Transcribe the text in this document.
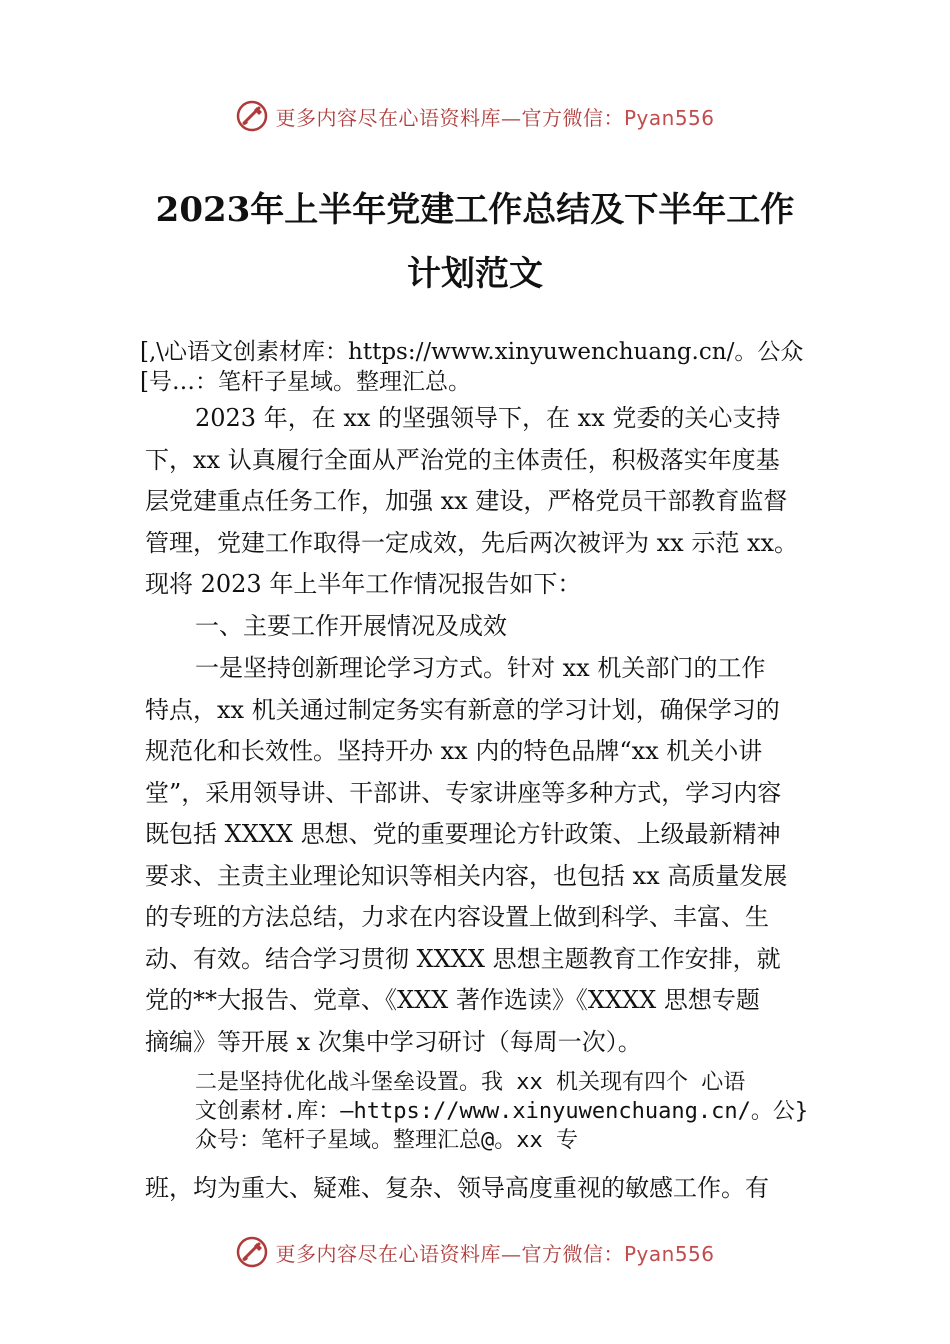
更多内容尽在心语资料库—官方微信：Pyan556
2023年上半年党建工作总结及下半年工作
计划范文
[,\心语文创素材库：https://www.xinyuwenchuang.cn/。公众
[号…：笔杆子星域。整理汇总。
2023 年，在 xx 的坚强领导下，在 xx 党委的关心支持
下，xx 认真履行全面从严治党的主体责任，积极落实年度基
层党建重点任务工作，加强 xx 建设，严格党员干部教育监督
管理，党建工作取得一定成效，先后两次被评为 xx 示范 xx。
现将 2023 年上半年工作情况报告如下：
一、主要工作开展情况及成效
一是坚持创新理论学习方式。针对 xx 机关部门的工作
特点，xx 机关通过制定务实有新意的学习计划，确保学习的
规范化和长效性。坚持开办 xx 内的特色品牌“xx 机关小讲
堂”，采用领导讲、干部讲、专家讲座等多种方式，学习内容
既包括 XXXX 思想、党的重要理论方针政策、上级最新精神
要求、主责主业理论知识等相关内容，也包括 xx 高质量发展
的专班的方法总结，力求在内容设置上做到科学、丰富、生
动、有效。结合学习贯彻 XXXX 思想主题教育工作安排，就
党的**大报告、党章、《XXX 著作选读》《XXXX 思想专题
摘编》等开展 x 次集中学习研讨（每周一次）。
二是坚持优化战斗堡垒设置。我 xx 机关现有四个 心语
文创素材.库：—https://www.xinyuwenchuang.cn/。公}
众号：笔杆子星域。整理汇总@。xx 专
班，均为重大、疑难、复杂、领导高度重视的敏感工作。有
更多内容尽在心语资料库—官方微信：Pyan556
